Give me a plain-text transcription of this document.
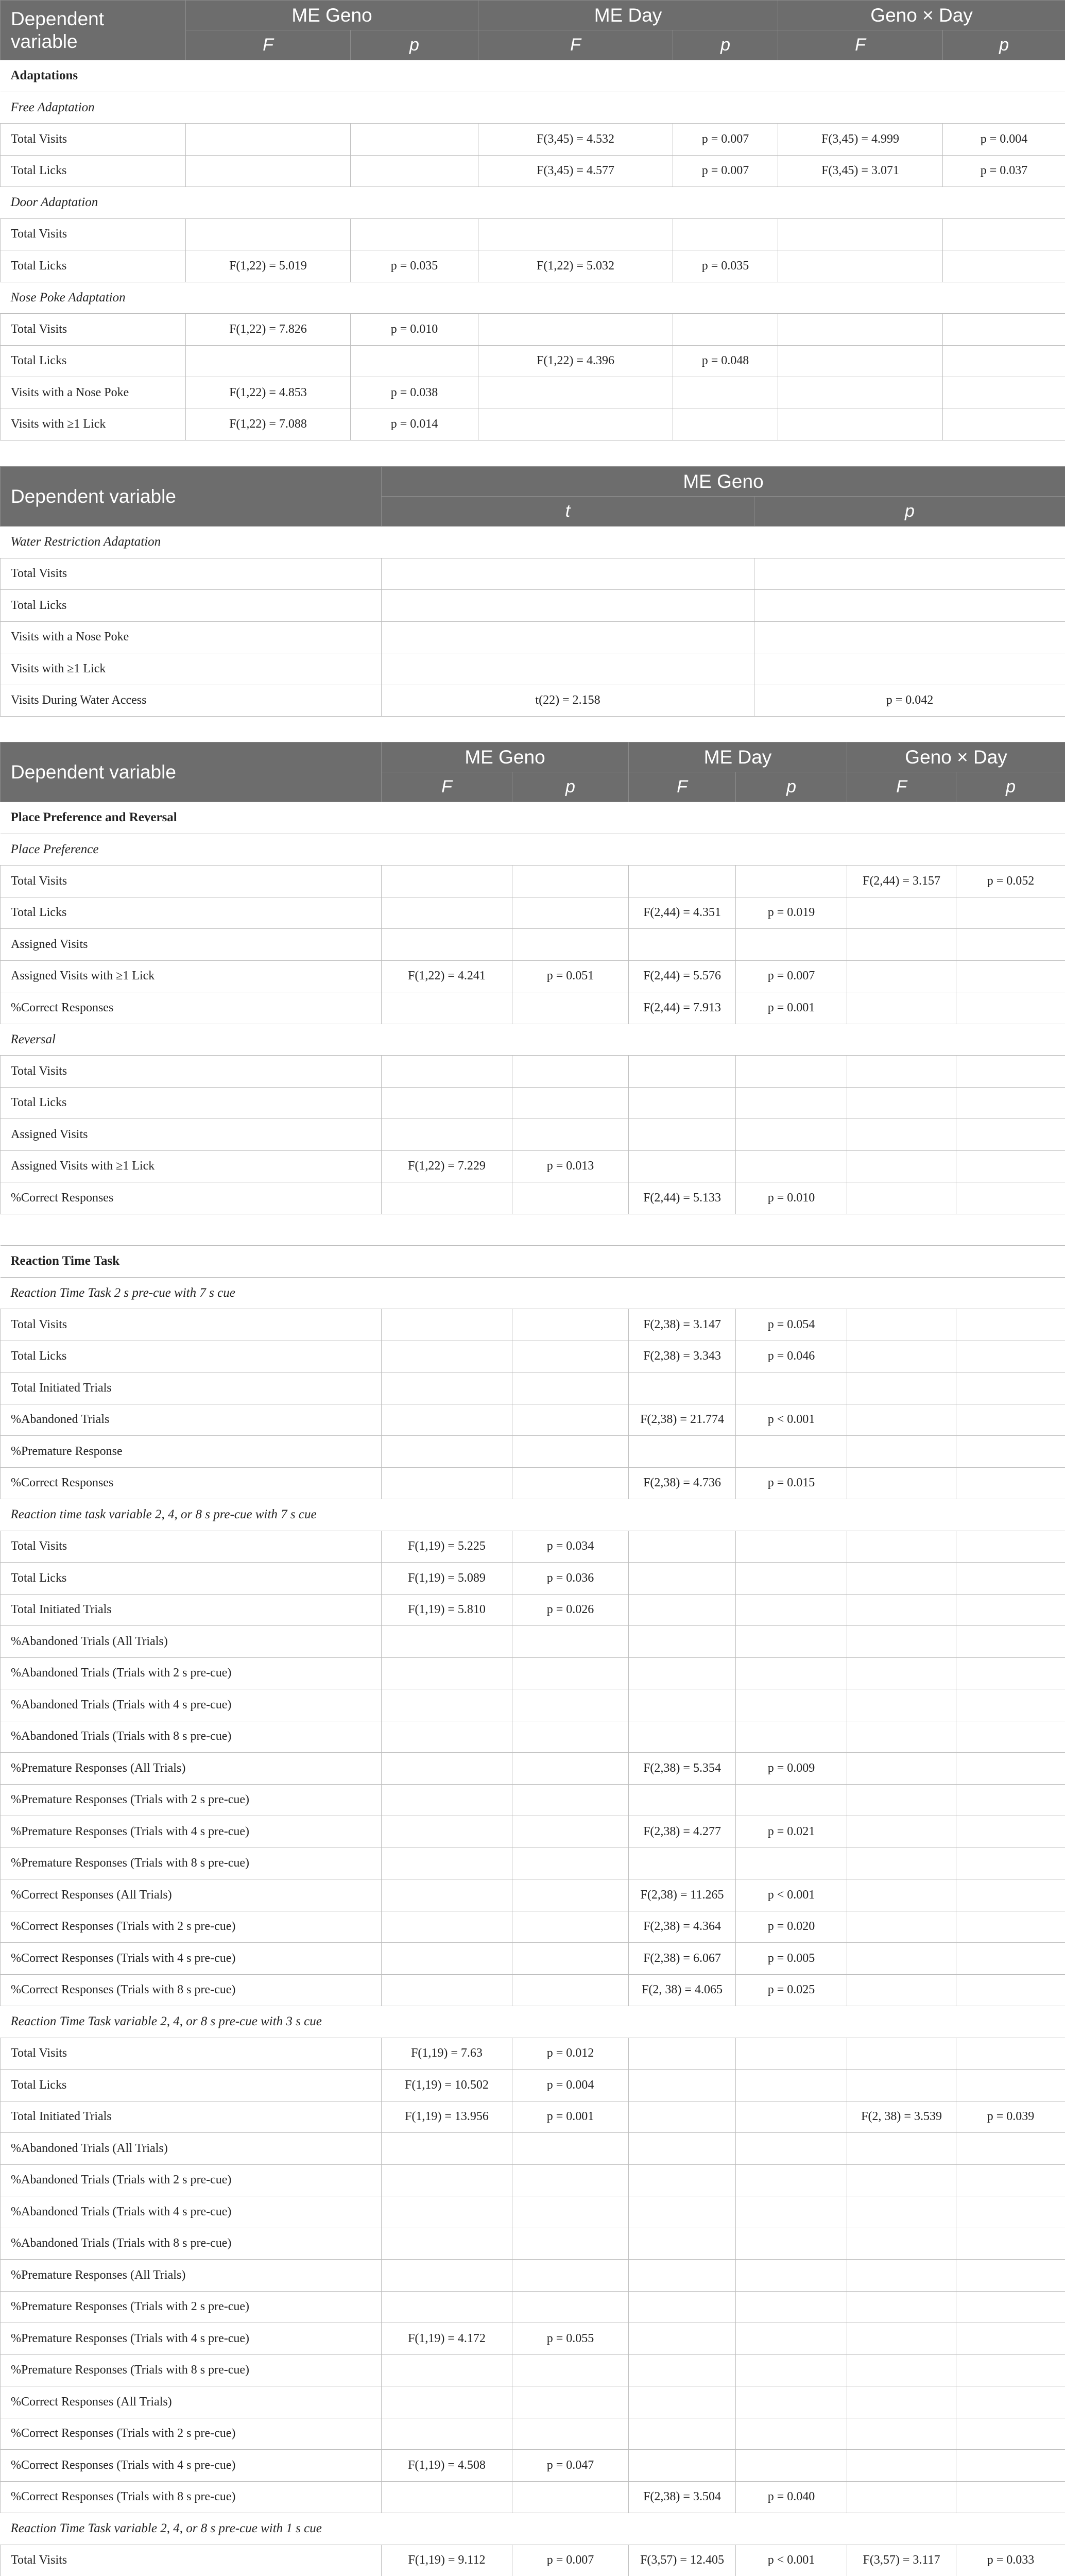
Dependent variable	ME Geno		ME Day		Geno × Day	
	F	p	F	p	F	p
Adaptations						
Free Adaptation						
Total Visits			F(3,45) = 4.532	p = 0.007	F(3,45) = 4.999	p = 0.004
Total Licks			F(3,45) = 4.577	p = 0.007	F(3,45) = 3.071	p = 0.037
Door Adaptation						
Total Visits						
Total Licks	F(1,22) = 5.019	p = 0.035	F(1,22) = 5.032	p = 0.035		
Nose Poke Adaptation						
Total Visits	F(1,22) = 7.826	p = 0.010				
Total Licks			F(1,22) = 4.396	p = 0.048		
Visits with a Nose Poke	F(1,22) = 4.853	p = 0.038				
Visits with ≥1 Lick	F(1,22) = 7.088	p = 0.014				
Dependent variable	ME Geno	
	t	p
Water Restriction Adaptation		
Total Visits		
Total Licks		
Visits with a Nose Poke		
Visits with ≥1 Lick		
Visits During Water Access	t(22) = 2.158	p = 0.042
Dependent variable	ME Geno		ME Day		Geno × Day	
	F	p	F	p	F	p
Place Preference and Reversal						
Place Preference						
Total Visits					F(2,44) = 3.157	p = 0.052
Total Licks			F(2,44) = 4.351	p = 0.019		
Assigned Visits						
Assigned Visits with ≥1 Lick	F(1,22) = 4.241	p = 0.051	F(2,44) = 5.576	p = 0.007		
%Correct Responses			F(2,44) = 7.913	p = 0.001		
Reversal						
Total Visits						
Total Licks						
Assigned Visits						
Assigned Visits with ≥1 Lick	F(1,22) = 7.229	p = 0.013				
%Correct Responses			F(2,44) = 5.133	p = 0.010		

Reaction Time Task						
Reaction Time Task 2 s pre-cue with 7 s cue						
Total Visits			F(2,38) = 3.147	p = 0.054		
Total Licks			F(2,38) = 3.343	p = 0.046		
Total Initiated Trials						
%Abandoned Trials			F(2,38) = 21.774	p < 0.001		
%Premature Response						
%Correct Responses			F(2,38) = 4.736	p = 0.015		
Reaction time task variable 2, 4, or 8 s pre-cue with 7 s cue						
Total Visits	F(1,19) = 5.225	p = 0.034				
Total Licks	F(1,19) = 5.089	p = 0.036				
Total Initiated Trials	F(1,19) = 5.810	p = 0.026				
%Abandoned Trials (All Trials)						
%Abandoned Trials (Trials with 2 s pre-cue)						
%Abandoned Trials (Trials with 4 s pre-cue)						
%Abandoned Trials (Trials with 8 s pre-cue)						
%Premature Responses (All Trials)			F(2,38) = 5.354	p = 0.009		
%Premature Responses (Trials with 2 s pre-cue)						
%Premature Responses (Trials with 4 s pre-cue)			F(2,38) = 4.277	p = 0.021		
%Premature Responses (Trials with 8 s pre-cue)						
%Correct Responses (All Trials)			F(2,38) = 11.265	p < 0.001		
%Correct Responses (Trials with 2 s pre-cue)			F(2,38) = 4.364	p = 0.020		
%Correct Responses (Trials with 4 s pre-cue)			F(2,38) = 6.067	p = 0.005		
%Correct Responses (Trials with 8 s pre-cue)			F(2, 38) = 4.065	p = 0.025		
Reaction Time Task variable 2, 4, or 8 s pre-cue with 3 s cue						
Total Visits	F(1,19) = 7.63	p = 0.012				
Total Licks	F(1,19) = 10.502	p = 0.004				
Total Initiated Trials	F(1,19) = 13.956	p = 0.001			F(2, 38) = 3.539	p = 0.039
%Abandoned Trials (All Trials)						
%Abandoned Trials (Trials with 2 s pre-cue)						
%Abandoned Trials (Trials with 4 s pre-cue)						
%Abandoned Trials (Trials with 8 s pre-cue)						
%Premature Responses (All Trials)						
%Premature Responses (Trials with 2 s pre-cue)						
%Premature Responses (Trials with 4 s pre-cue)	F(1,19) = 4.172	p = 0.055				
%Premature Responses (Trials with 8 s pre-cue)						
%Correct Responses (All Trials)						
%Correct Responses (Trials with 2 s pre-cue)						
%Correct Responses (Trials with 4 s pre-cue)	F(1,19) = 4.508	p = 0.047				
%Correct Responses (Trials with 8 s pre-cue)			F(2,38) = 3.504	p = 0.040		
Reaction Time Task variable 2, 4, or 8 s pre-cue with 1 s cue						
Total Visits	F(1,19) = 9.112	p = 0.007	F(3,57) = 12.405	p < 0.001	F(3,57) = 3.117	p = 0.033
